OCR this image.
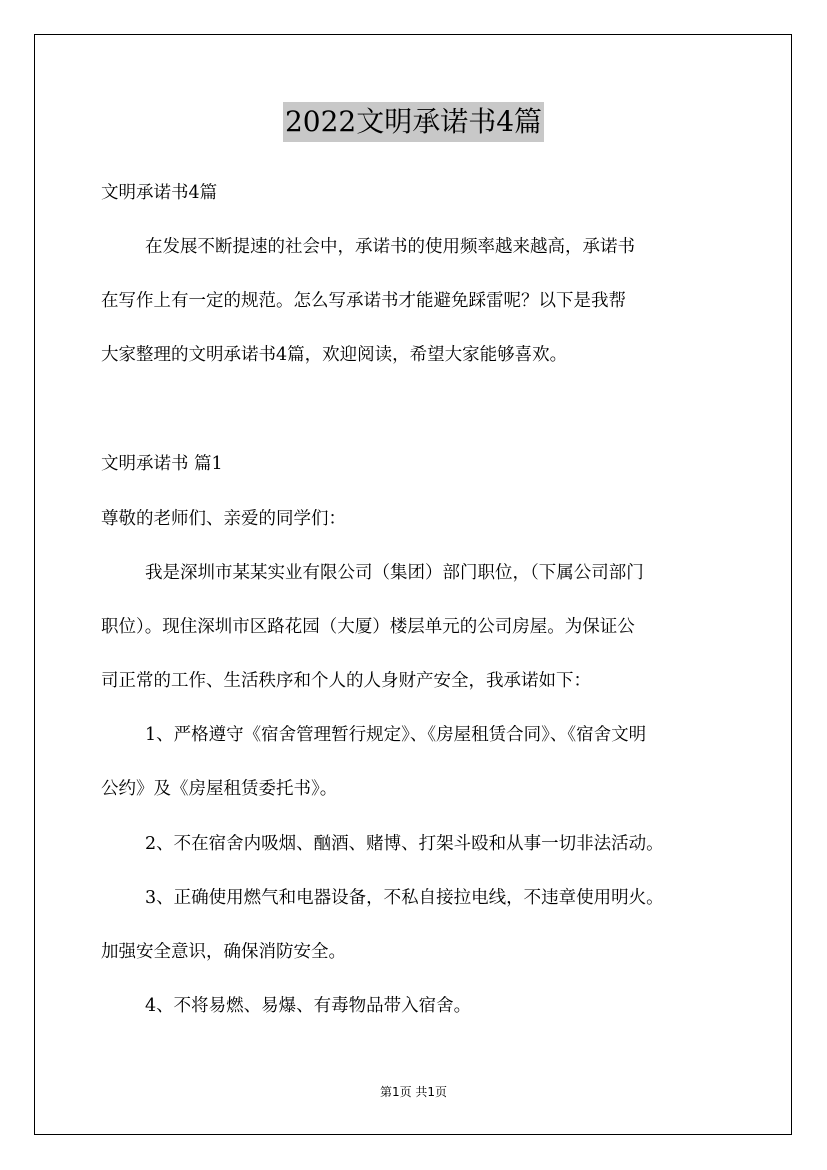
2022文明承诺书4篇
文明承诺书4篇
在发展不断提速的社会中，承诺书的使用频率越来越高，承诺书
在写作上有一定的规范。怎么写承诺书才能避免踩雷呢？以下是我帮
大家整理的文明承诺书4篇，欢迎阅读，希望大家能够喜欢。
文明承诺书 篇1
尊敬的老师们、亲爱的同学们：
我是深圳市某某实业有限公司（集团）部门职位，（下属公司部门
职位）。现住深圳市区路花园（大厦）楼层单元的公司房屋。为保证公
司正常的工作、生活秩序和个人的人身财产安全，我承诺如下：
1、严格遵守《宿舍管理暂行规定》、《房屋租赁合同》、《宿舍文明
公约》及《房屋租赁委托书》。
2、不在宿舍内吸烟、酗酒、赌博、打架斗殴和从事一切非法活动。
3、正确使用燃气和电器设备，不私自接拉电线，不违章使用明火。
加强安全意识，确保消防安全。
4、不将易燃、易爆、有毒物品带入宿舍。
第1页 共1页
